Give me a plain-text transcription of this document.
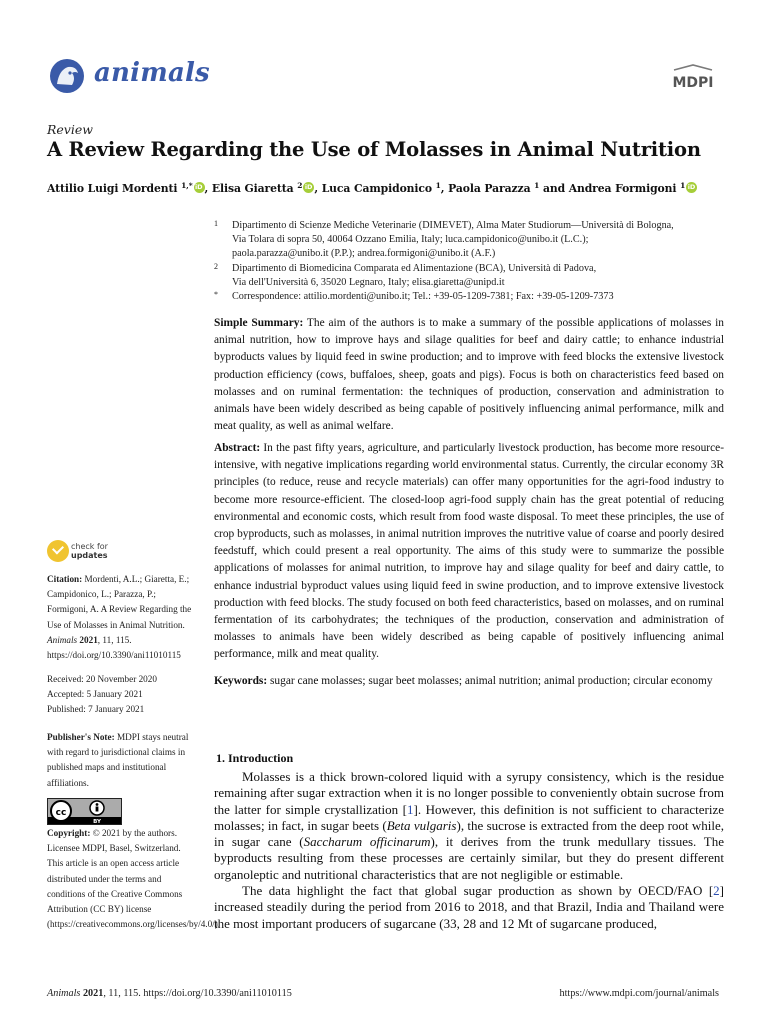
animals	MDPI
Review
A Review Regarding the Use of Molasses in Animal Nutrition
Attilio Luigi Mordenti $^{1,*}$ iD , Elisa Giaretta $^2$ iD , Luca Campidonico $^1$, Paola Parazza $^1$ and Andrea Formigoni $^1$iD
1 Dipartimento di Scienze Mediche Veterinarie (DIMEVET), Alma Mater Studiorum—Università di Bologna,
Via Tolara di sopra 50, 40064 Ozzano Emilia, Italy; luca.campidonico@unibo.it (L.C.);
paola.parazza@unibo.it (P.P.); andrea.formigoni@unibo.it (A.F.)
2 Dipartimento di Biomedicina Comparata ed Alimentazione (BCA), Università di Padova,
Via dell'Università 6, 35020 Legnaro, Italy; elisa.giaretta@unipd.it
* Correspondence: attilio.mordenti@unibo.it; Tel.: +39-05-1209-7381; Fax: +39-05-1209-7373
Simple Summary: The aim of the authors is to make a summary of the possible applications of molasses in animal nutrition, how to improve hays and silage qualities for beef and dairy cattle; to enhance industrial byproducts values by liquid feed in swine production; and to improve with feed blocks the extensive livestock production efficiency (cows, buffaloes, sheep, goats and pigs). Focus is both on characteristics feed based on molasses and on ruminal fermentation: the techniques of production, conservation and administration to animals have been widely described as being capable of positively influencing animal performance, milk and meat quality, as well as animal welfare.
Abstract: In the past fifty years, agriculture, and particularly livestock production, has become more resource-intensive, with negative implications regarding world environmental status. Currently, the circular economy 3R principles (to reduce, reuse and recycle materials) can offer many opportunities for the agri-food industry to become more resource-efficient. The closed-loop agri-food supply chain has the great potential of reducing environmental and economic costs, which result from food waste disposal. To meet these principles, the use of crop byproducts, such as molasses, in animal nutrition improves the nutritive value of coarse and poorly desired feedstuff, which could present a real opportunity. The aims of this study were to summarize the possible applications of molasses for animal nutrition, to improve hay and silage quality for beef and dairy cattle, to enhance industrial byproduct values using liquid feed in swine production, and to improve extensive livestock production with feed blocks. The study focused on both feed characteristics, based on molasses, and on ruminal fermentation of its carbohydrates; the techniques of the production, conservation and administration of molasses to animals have been widely described as being capable of positively influencing animal performance, milk and meat quality.
Keywords: sugar cane molasses; sugar beet molasses; animal nutrition; animal production; circular economy
1. Introduction

Molasses is a thick brown-colored liquid with a syrupy consistency, which is the residue remaining after sugar extraction when it is no longer possible to conveniently obtain sucrose from the latter for simple crystallization [1]. However, this definition is not sufficient to characterize molasses; in fact, in sugar beets (Beta vulgaris), the sucrose is extracted from the deep root while, in sugar cane (Saccharum officinarum), it derives from the trunk medullary tissues. The byproducts resulting from these processes are certainly similar, but they do present different organoleptic and nutritional characteristics that are not negligible or estimable.

The data highlight the fact that global sugar production as shown by OECD/FAO [2] increased steadily during the period from 2016 to 2018, and that Brazil, India and Thailand were the most important producers of sugarcane (33, 28 and 12 Mt of sugarcane produced,

check for
updates
Citation: Mordenti, A.L.; Giaretta, E.; Campidonico, L.; Parazza, P.; Formigoni, A. A Review Regarding the Use of Molasses in Animal Nutrition. Animals 2021, 11, 115. https://doi.org/10.3390/ani11010115
Received: 20 November 2020
Accepted: 5 January 2021
Published: 7 January 2021
Publisher's Note: MDPI stays neutral with regard to jurisdictional claims in published maps and institutional affiliations.
cc
BY
Copyright: © 2021 by the authors. Licensee MDPI, Basel, Switzerland. This article is an open access article distributed under the terms and conditions of the Creative Commons Attribution (CC BY) license (https://creativecommons.org/licenses/by/4.0/).
Animals 2021, 11, 115. https://doi.org/10.3390/ani11010115	https://www.mdpi.com/journal/animals
